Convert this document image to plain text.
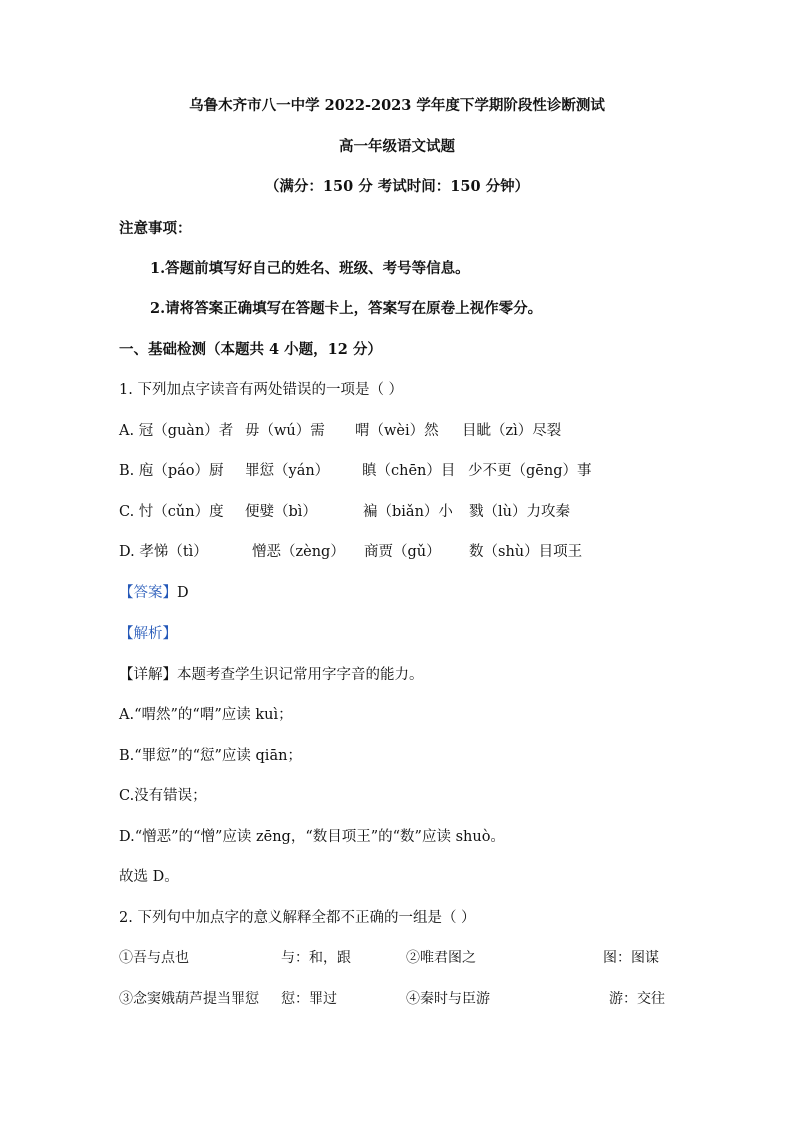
乌鲁木齐市八一中学 2022-2023 学年度下学期阶段性诊断测试
高一年级语文试题
（满分：150 分 考试时间：150 分钟）
注意事项：
1.答题前填写好自己的姓名、班级、考号等信息。
2.请将答案正确填写在答题卡上，答案写在原卷上视作零分。
一、基础检测（本题共 4 小题，12 分）
1. 下列加点字读音有两处错误的一项是（ ）
A. 冠（guàn）者 毋（wú）需 喟（wèi）然 目眦（zì）尽裂
B. 庖（páo）厨 罪愆（yán） 瞋（chēn）目 少不更（gēng）事
C. 忖（cǔn）度 便嬖（bì）	褊（biǎn）小 戮（lù）力攻秦
D. 孝悌（tì）	憎恶（zèng） 商贾（gǔ） 数（shù）目项王
【答案】D
【解析】
【详解】本题考查学生识记常用字字音的能力。
A.“喟然”的“喟”应读 kuì；
B.“罪愆”的“愆”应读 qiān；
C.没有错误；
D.“憎恶”的“憎”应读 zēng，“数目项王”的“数”应读 shuò。
故选 D。
2. 下列句中加点字的意义解释全都不正确的一组是（ ）
①吾与点也	与：和，跟	②唯君图之	图：图谋
③念窦娥葫芦提当罪愆 愆：罪过	④秦时与臣游	游：交往
